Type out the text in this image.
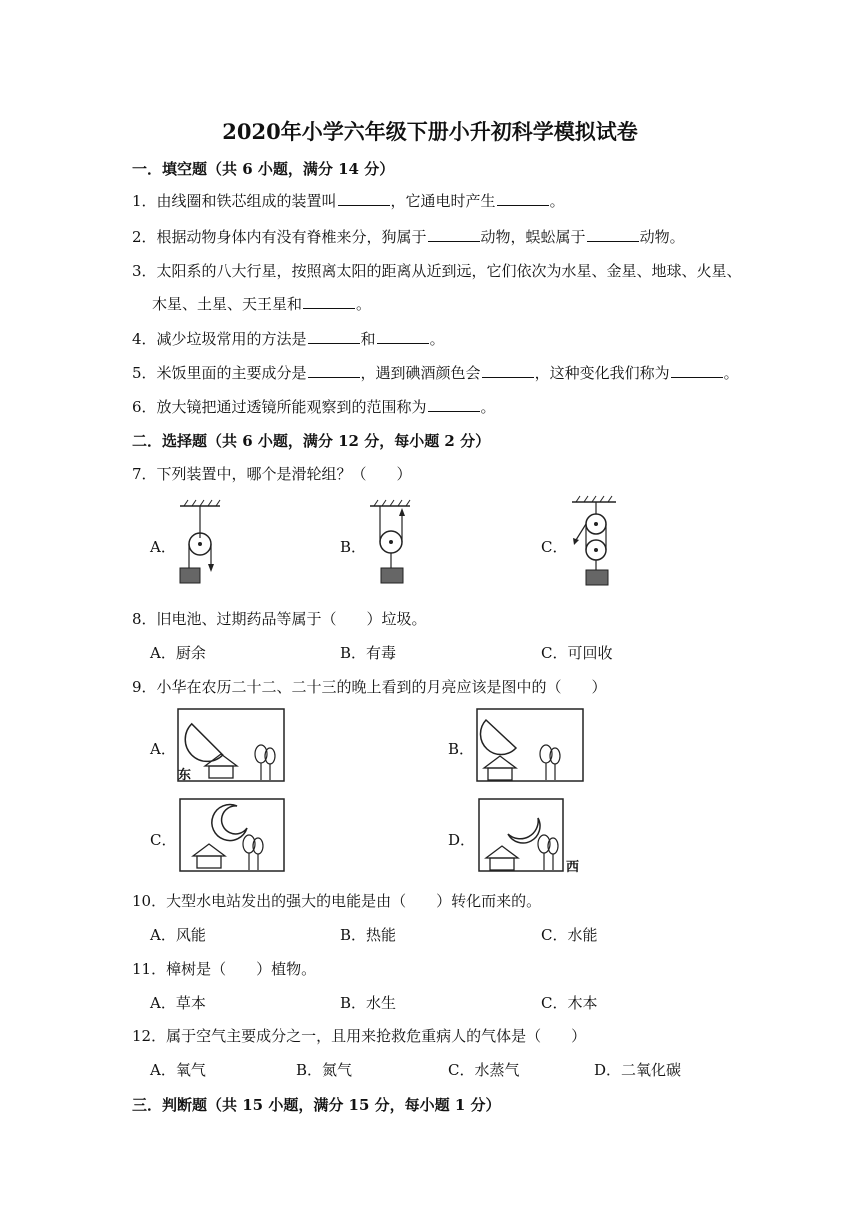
2020年小学六年级下册小升初科学模拟试卷
一．填空题（共 6 小题，满分 14 分）
1．由线圈和铁芯组成的装置叫	，它通电时产生	。
2．根据动物身体内有没有脊椎来分，狗属于	动物，蜈蚣属于	动物。
3．太阳系的八大行星，按照离太阳的距离从近到远，它们依次为水星、金星、地球、火星、
木星、土星、天王星和	。
4．减少垃圾常用的方法是	和	。
5．米饭里面的主要成分是	，遇到碘酒颜色会	，这种变化我们称为	。
6．放大镜把通过透镜所能观察到的范围称为	。
二．选择题（共 6 小题，满分 12 分，每小题 2 分）
7．下列装置中，哪个是滑轮组？（　　）
A．	B．	C．
8．旧电池、过期药品等属于（　　）垃圾。
A．厨余	B．有毒	C．可回收
9．小华在农历二十二、二十三的晚上看到的月亮应该是图中的（　　）
A．	B．
C．	D．
东
西
10．大型水电站发出的强大的电能是由（　　）转化而来的。
A．风能	B．热能	C．水能
11．樟树是（　　）植物。
A．草本	B．水生	C．木本
12．属于空气主要成分之一，且用来抢救危重病人的气体是（　　）
A．氧气	B．氮气	C．水蒸气	D．二氧化碳
三．判断题（共 15 小题，满分 15 分，每小题 1 分）
